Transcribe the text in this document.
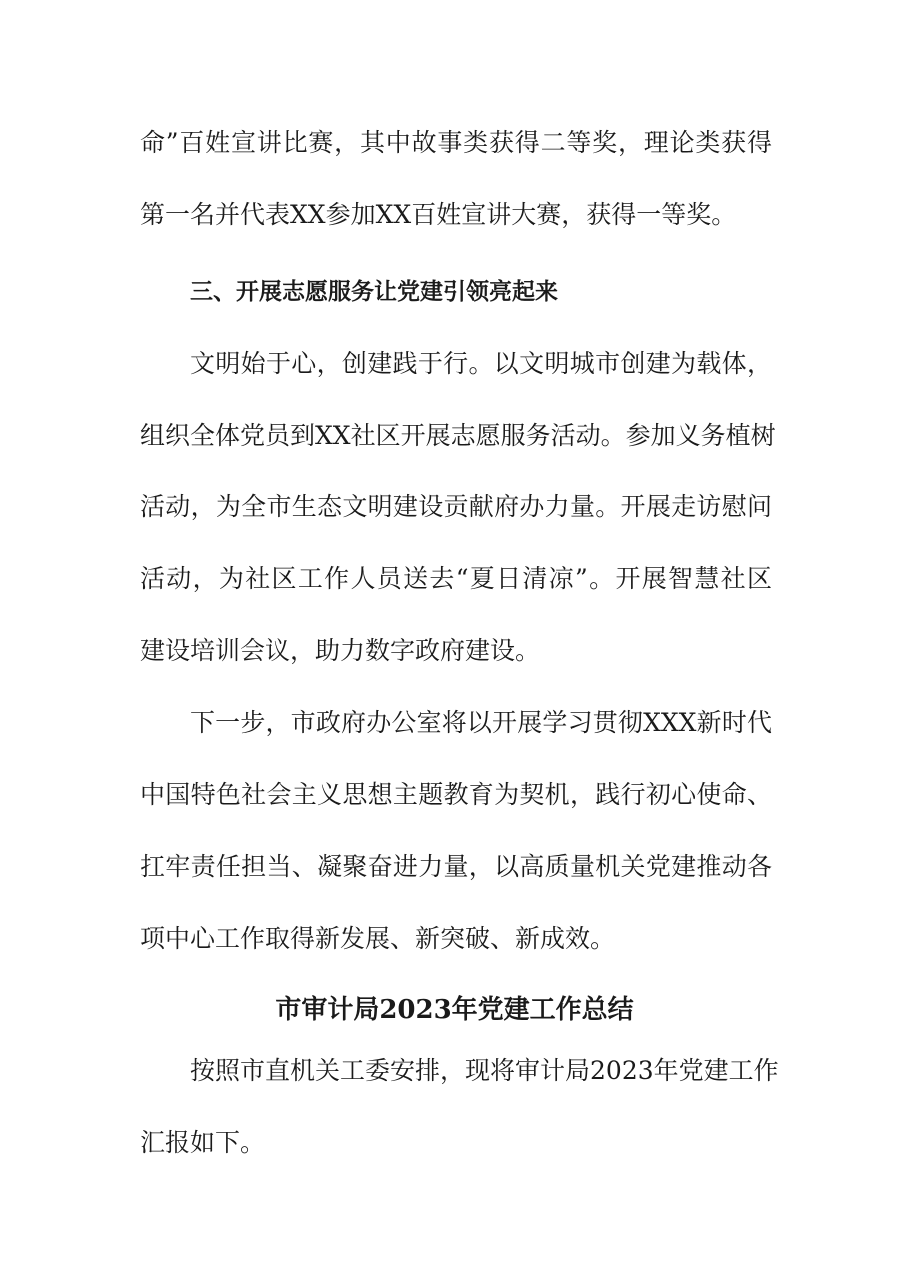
命”百姓宣讲比赛，其中故事类获得二等奖，理论类获得
第一名并代表XX参加XX百姓宣讲大赛，获得一等奖。
三、开展志愿服务让党建引领亮起来
文明始于心，创建践于行。以文明城市创建为载体，
组织全体党员到XX社区开展志愿服务活动。参加义务植树
活动，为全市生态文明建设贡献府办力量。开展走访慰问
活动，为社区工作人员送去“夏日清凉”。开展智慧社区
建设培训会议，助力数字政府建设。
下一步，市政府办公室将以开展学习贯彻XXX新时代
中国特色社会主义思想主题教育为契机，践行初心使命、
扛牢责任担当、凝聚奋进力量，以高质量机关党建推动各
项中心工作取得新发展、新突破、新成效。
市审计局2023年党建工作总结
按照市直机关工委安排，现将审计局2023年党建工作
汇报如下。
